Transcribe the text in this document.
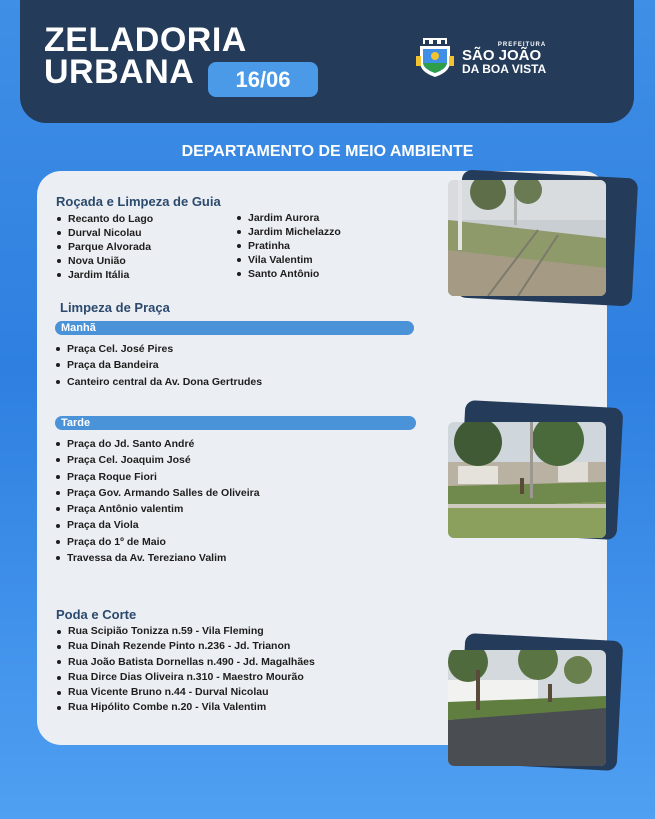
ZELADORIA
URBANA	16/06
PREFEITURA
SÃO JOÃO
DA BOA VISTA
DEPARTAMENTO DE MEIO AMBIENTE
Roçada e Limpeza de Guia
Recanto do Lago
Durval Nicolau
Parque Alvorada
Nova União
Jardim Itália
Jardim Aurora
Jardim Michelazzo
Pratinha
Vila Valentim
Santo Antônio
Limpeza de Praça
Manhã
Praça Cel. José Pires
Praça da Bandeira
Canteiro central da Av. Dona Gertrudes
Tarde
Praça do Jd. Santo André
Praça Cel. Joaquim José
Praça Roque Fiori
Praça Gov. Armando Salles de Oliveira
Praça Antônio valentim
Praça da Viola
Praça do 1º de Maio
Travessa da Av. Tereziano Valim
Poda e Corte
Rua Scipião Tonizza n.59 - Vila Fleming
Rua Dinah Rezende Pinto n.236 - Jd. Trianon
Rua João Batista Dornellas n.490 - Jd. Magalhães
Rua Dirce Dias Oliveira n.310 - Maestro Mourão
Rua Vicente Bruno n.44 - Durval Nicolau
Rua Hipólito Combe n.20 - Vila Valentim
